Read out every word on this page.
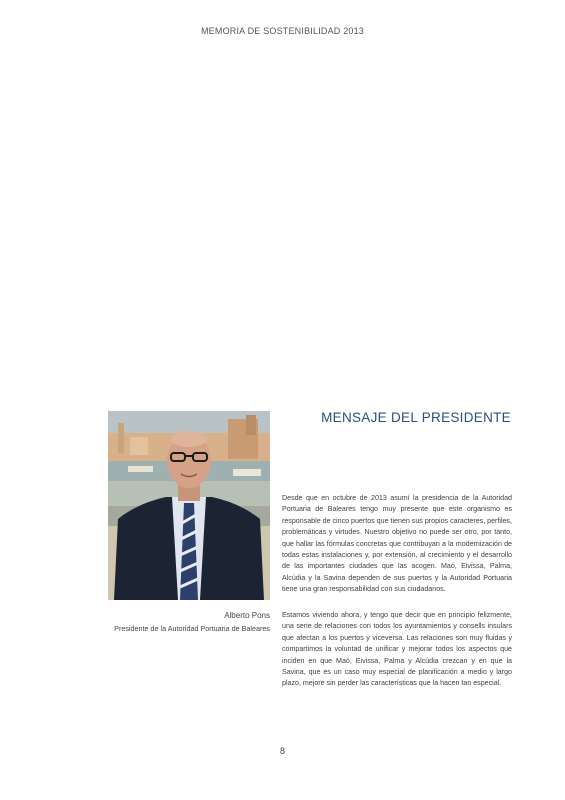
MEMORIA DE SOSTENIBILIDAD 2013
MENSAJE DEL PRESIDENTE
Alberto Pons
Presidente de la Autoridad Portuaria de Baleares
Desde que en octubre de 2013 asumí la presidencia de la Autoridad Portuaria de Baleares tengo muy presente que este organismo es responsable de cinco puertos que tienen sus propios caracteres, perfiles, problemáticas y virtudes. Nuestro objetivo no puede ser otro, por tanto, que hallar las fórmulas concretas que contribuyan a la modernización de todas estas instalaciones y, por extensión, al crecimiento y el desarrollo de las importantes ciudades que las acogen. Maó, Eivissa, Palma, Alcúdia y la Savina dependen de sus puertos y la Autoridad Portuaria tiene una gran responsabilidad con sus ciudadanos.
Estamos viviendo ahora, y tengo que decir que en principio felizmente, una serie de relaciones con todos los ayuntamientos y consells insulars que afectan a los puertos y viceversa. Las relaciones son muy fluidas y compartimos la voluntad de unificar y mejorar todos los aspectos que inciden en que Maó, Eivissa, Palma y Alcúdia crezcan y en que la Savina, que es un caso muy especial de planificación a medio y largo plazo, mejore sin perder las características que la hacen tan especial.
8
